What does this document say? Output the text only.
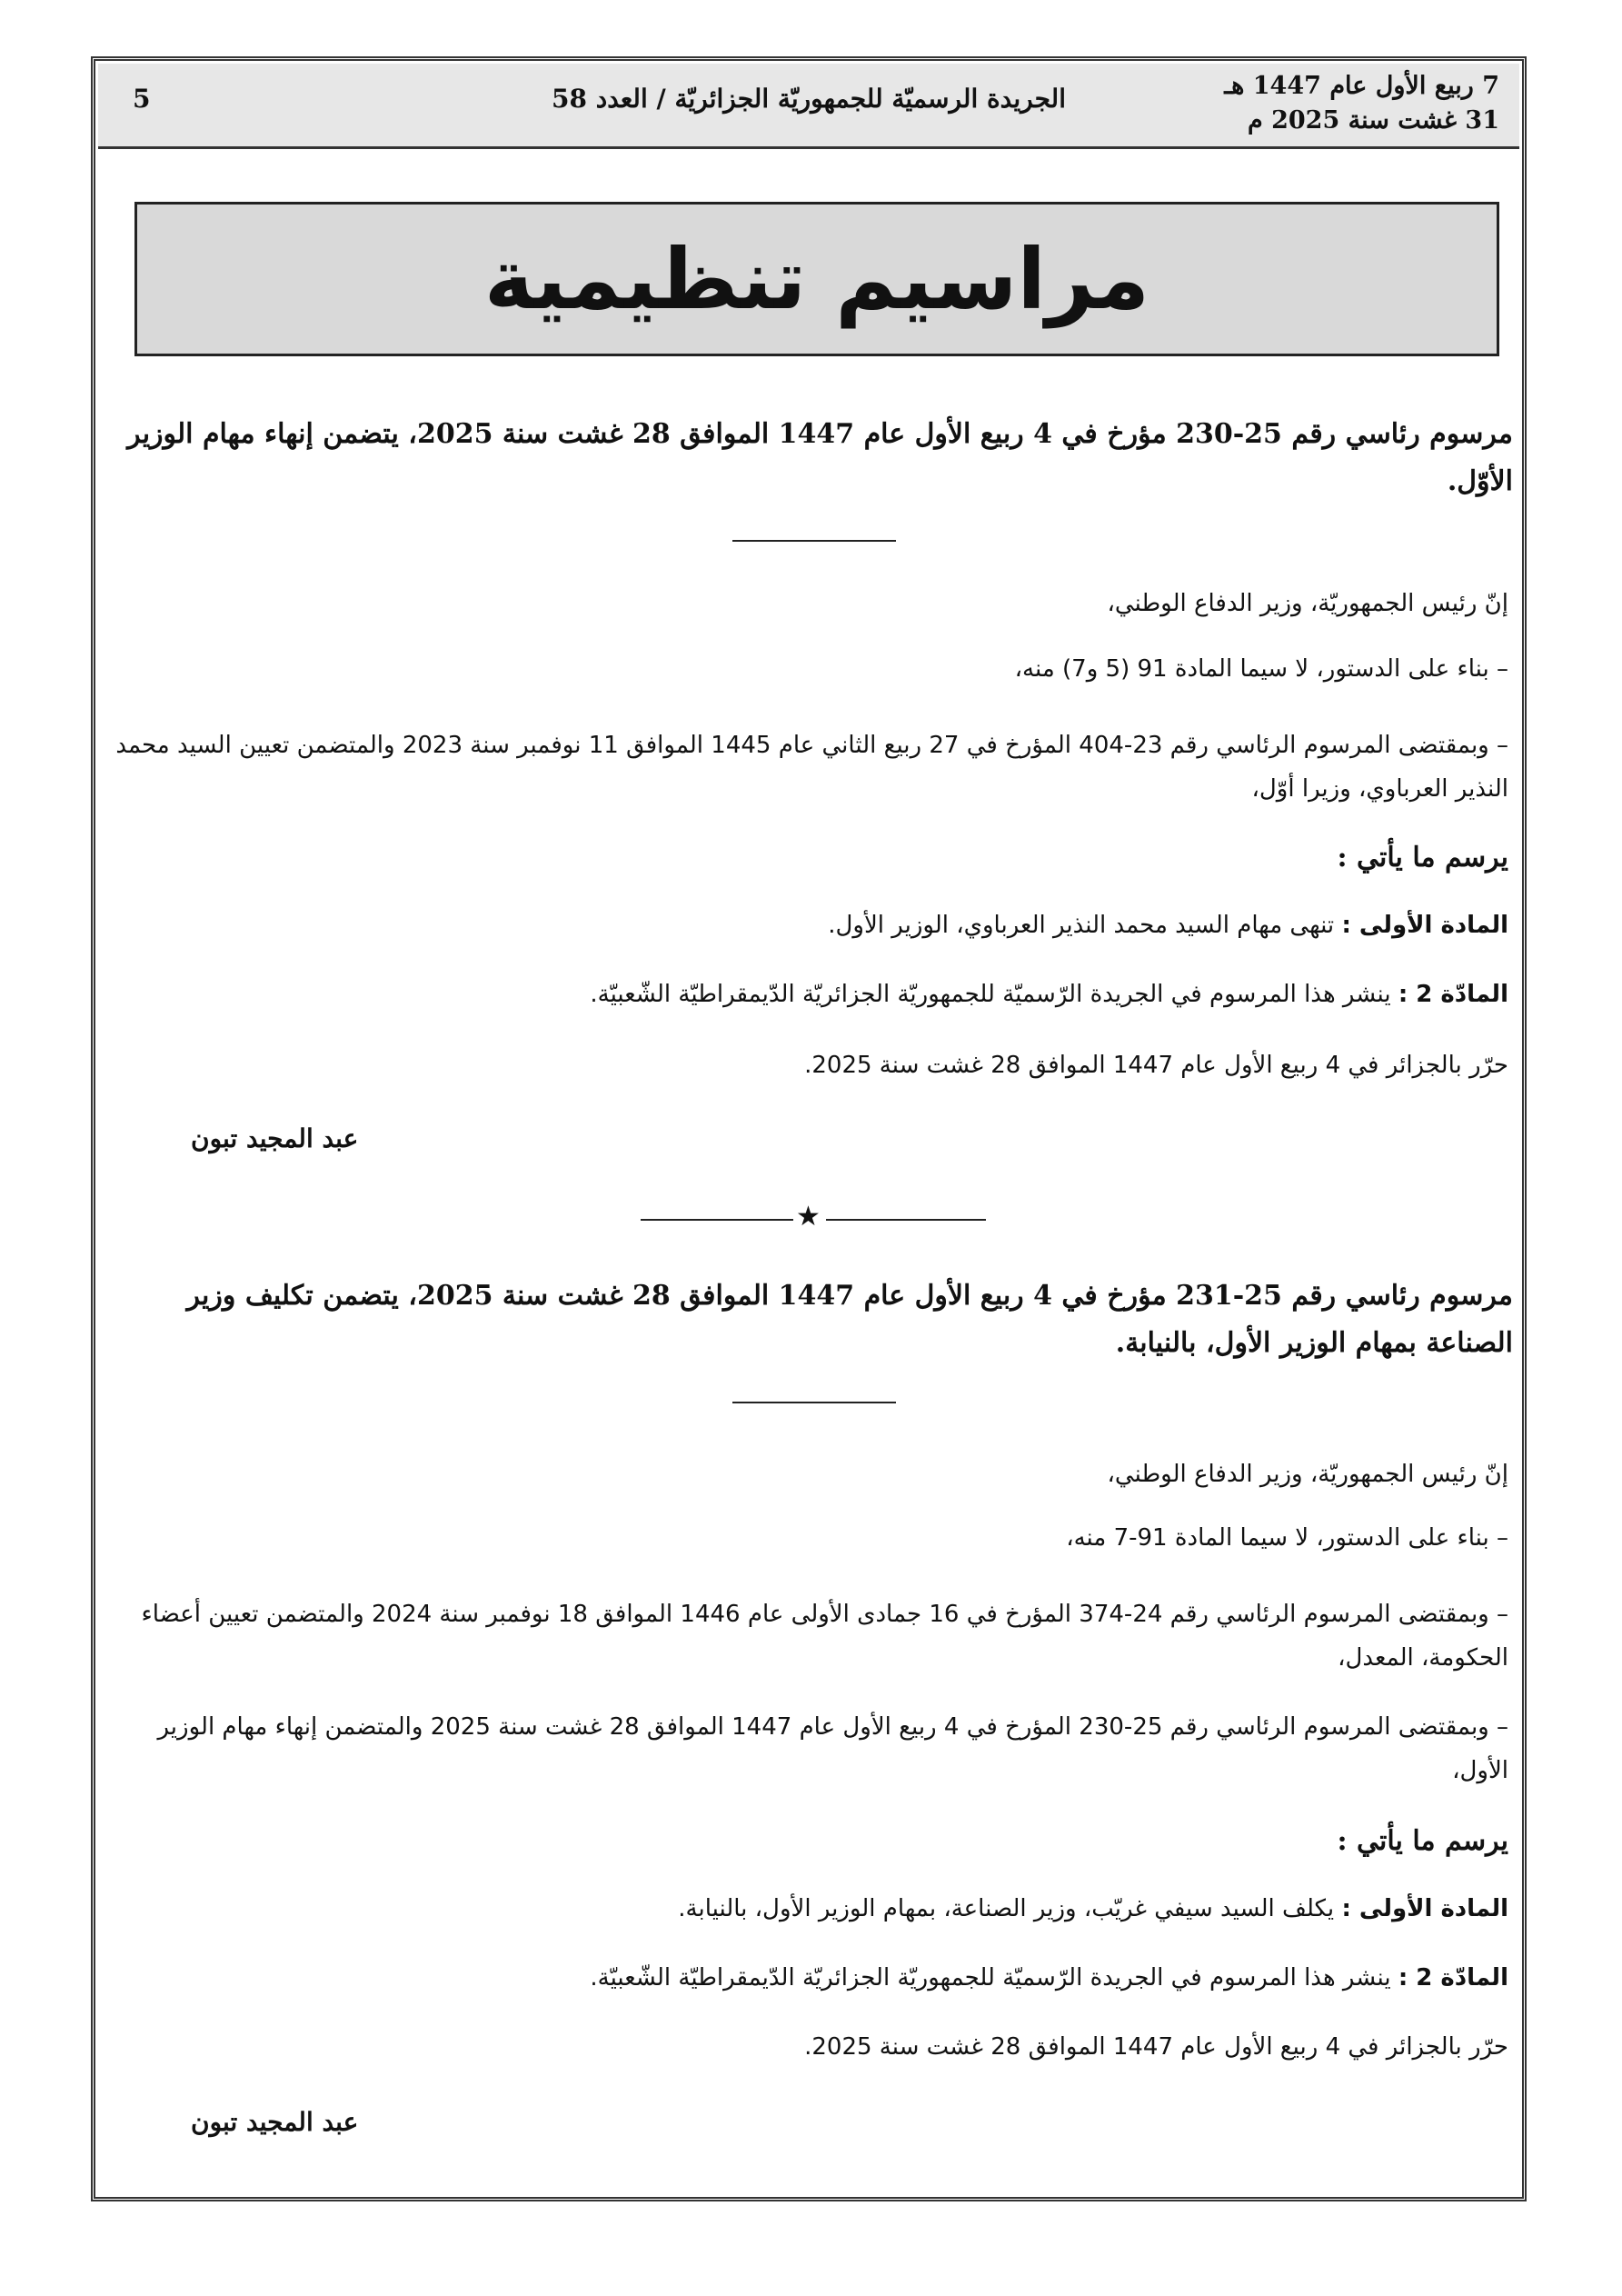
7 ربيع الأول عام 1447 هـ
31 غشت سنة 2025 م
الجريدة الرسميّة للجمهوريّة الجزائريّة / العدد 58
5
مراسيم تنظيمية
مرسوم رئاسي رقم 25-230 مؤرخ في 4 ربيع الأول عام 1447 الموافق 28 غشت سنة 2025، يتضمن إنهاء مهام الوزير الأوّل.
إنّ رئيس الجمهوريّة، وزير الدفاع الوطني،
– بناء على الدستور، لا سيما المادة 91 (5 و7) منه،
– وبمقتضى المرسوم الرئاسي رقم 23-404 المؤرخ في 27 ربيع الثاني عام 1445 الموافق 11 نوفمبر سنة 2023 والمتضمن تعيين السيد محمد النذير العرباوي، وزيرا أوّل،
يرسم ما يأتي :
المادة الأولى : تنهى مهام السيد محمد النذير العرباوي، الوزير الأول.
المادّة 2 : ينشر هذا المرسوم في الجريدة الرّسميّة للجمهوريّة الجزائريّة الدّيمقراطيّة الشّعبيّة.
حرّر بالجزائر في 4 ربيع الأول عام 1447 الموافق 28 غشت سنة 2025.
عبد المجيد تبون
★
مرسوم رئاسي رقم 25-231 مؤرخ في 4 ربيع الأول عام 1447 الموافق 28 غشت سنة 2025، يتضمن تكليف وزير الصناعة بمهام الوزير الأول، بالنيابة.
إنّ رئيس الجمهوريّة، وزير الدفاع الوطني،
– بناء على الدستور، لا سيما المادة 91-7 منه،
– وبمقتضى المرسوم الرئاسي رقم 24-374 المؤرخ في 16 جمادى الأولى عام 1446 الموافق 18 نوفمبر سنة 2024 والمتضمن تعيين أعضاء الحكومة، المعدل،
– وبمقتضى المرسوم الرئاسي رقم 25-230 المؤرخ في 4 ربيع الأول عام 1447 الموافق 28 غشت سنة 2025 والمتضمن إنهاء مهام الوزير الأول،
يرسم ما يأتي :
المادة الأولى : يكلف السيد سيفي غريّب، وزير الصناعة، بمهام الوزير الأول، بالنيابة.
المادّة 2 : ينشر هذا المرسوم في الجريدة الرّسميّة للجمهوريّة الجزائريّة الدّيمقراطيّة الشّعبيّة.
حرّر بالجزائر في 4 ربيع الأول عام 1447 الموافق 28 غشت سنة 2025.
عبد المجيد تبون
